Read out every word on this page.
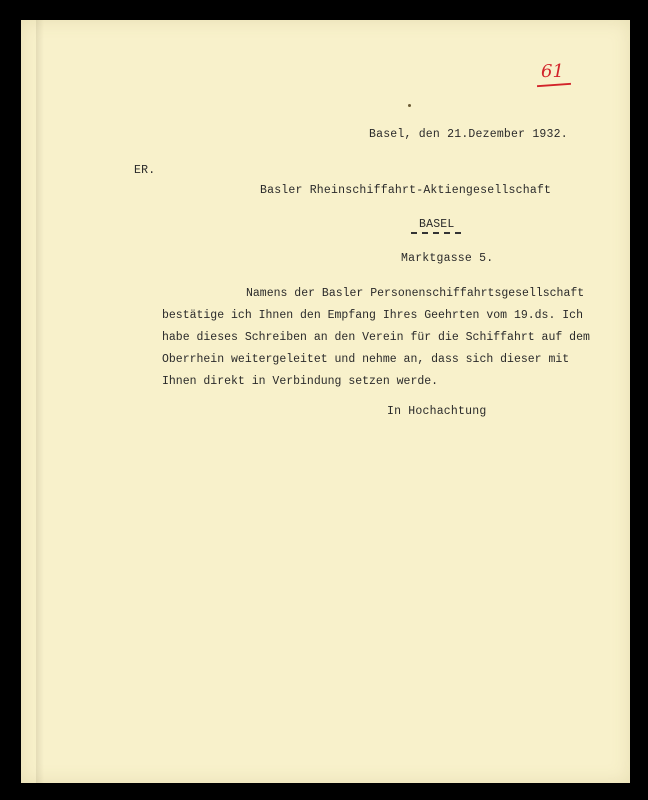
61
Basel, den 21.Dezember 1932.
ER.
Basler Rheinschiffahrt-Aktiengesellschaft
BASEL
Marktgasse 5.
Namens der Basler Personenschiffahrtsgesellschaft
bestätige ich Ihnen den Empfang Ihres Geehrten vom 19.ds. Ich
habe dieses Schreiben an den Verein für die Schiffahrt auf dem
Oberrhein weitergeleitet und nehme an, dass sich dieser mit
Ihnen direkt in Verbindung setzen werde.
In Hochachtung
